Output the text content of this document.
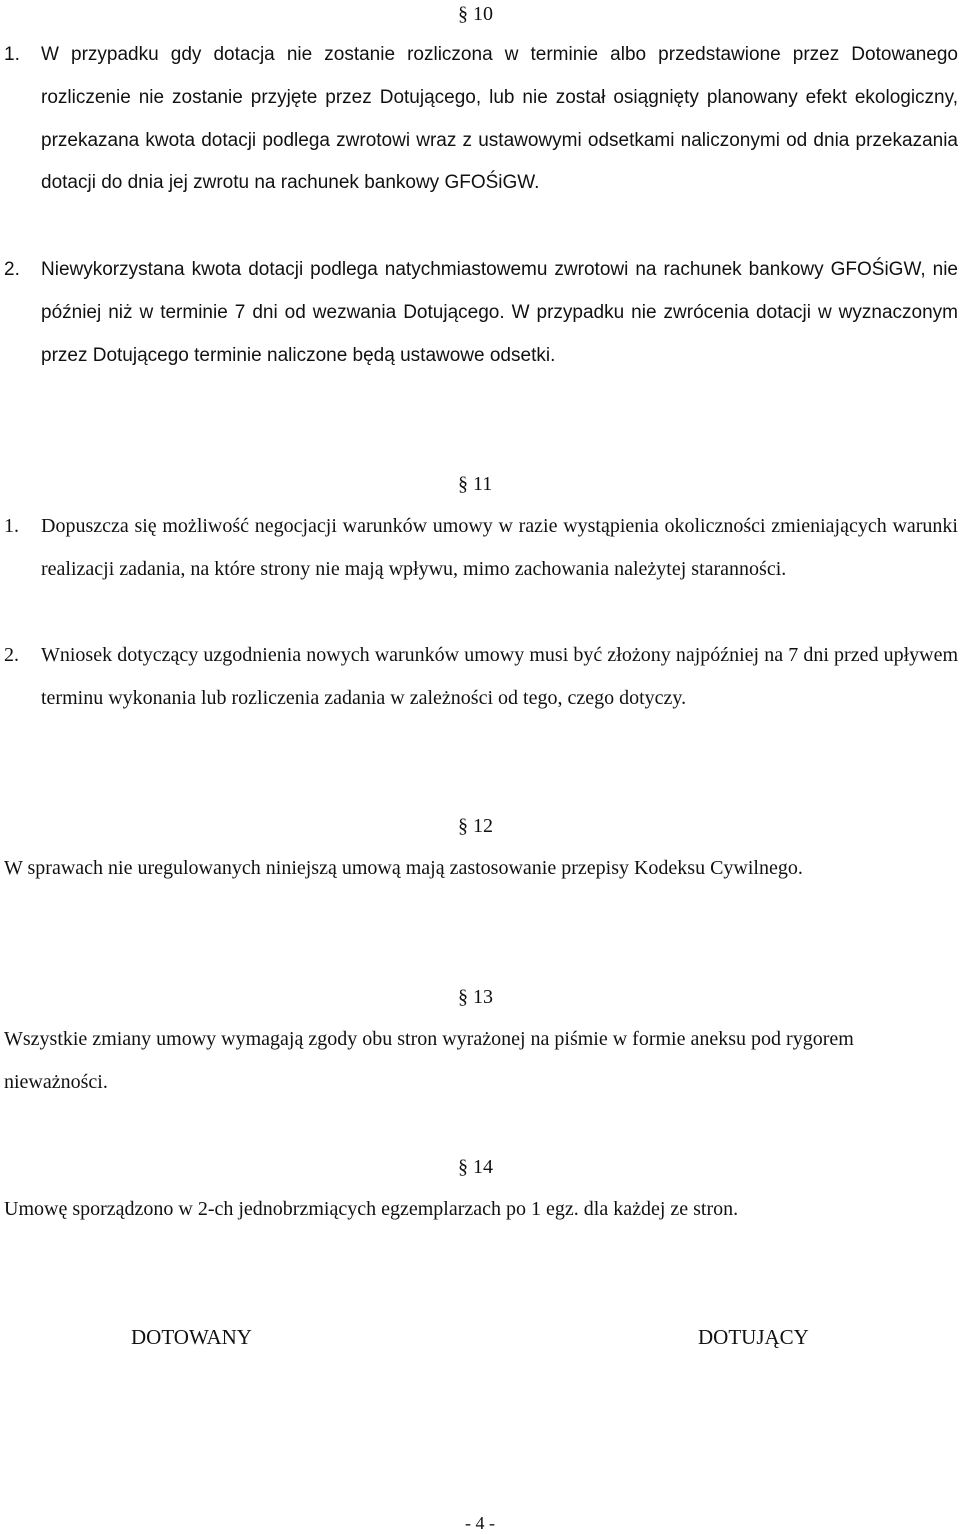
§ 10
1.	W przypadku gdy dotacja nie zostanie rozliczona w terminie albo przedstawione przez Dotowanego rozliczenie nie zostanie przyjęte przez Dotującego, lub nie został osiągnięty planowany efekt ekologiczny, przekazana kwota dotacji podlega zwrotowi wraz z ustawowymi odsetkami naliczonymi od dnia przekazania dotacji do dnia jej zwrotu na rachunek bankowy GFOŚiGW.
2.	Niewykorzystana kwota dotacji podlega natychmiastowemu zwrotowi na rachunek bankowy GFOŚiGW, nie później niż w terminie 7 dni od wezwania Dotującego. W przypadku nie zwrócenia dotacji w wyznaczonym przez Dotującego terminie naliczone będą ustawowe odsetki.
§ 11
1.	Dopuszcza się możliwość negocjacji warunków umowy w razie wystąpienia okoliczności zmieniających warunki realizacji zadania, na które strony nie mają wpływu, mimo zachowania należytej staranności.
2.	Wniosek dotyczący uzgodnienia nowych warunków umowy musi być złożony najpóźniej na 7 dni przed upływem terminu wykonania lub rozliczenia zadania w zależności od tego, czego dotyczy.
§ 12
W sprawach nie uregulowanych niniejszą umową mają zastosowanie przepisy Kodeksu Cywilnego.
§ 13
Wszystkie zmiany umowy wymagają zgody obu stron wyrażonej na piśmie w formie aneksu pod rygorem nieważności.
§ 14
Umowę sporządzono w 2-ch jednobrzmiących egzemplarzach po 1 egz. dla każdej ze stron.
DOTOWANY	DOTUJĄCY
- 4 -
